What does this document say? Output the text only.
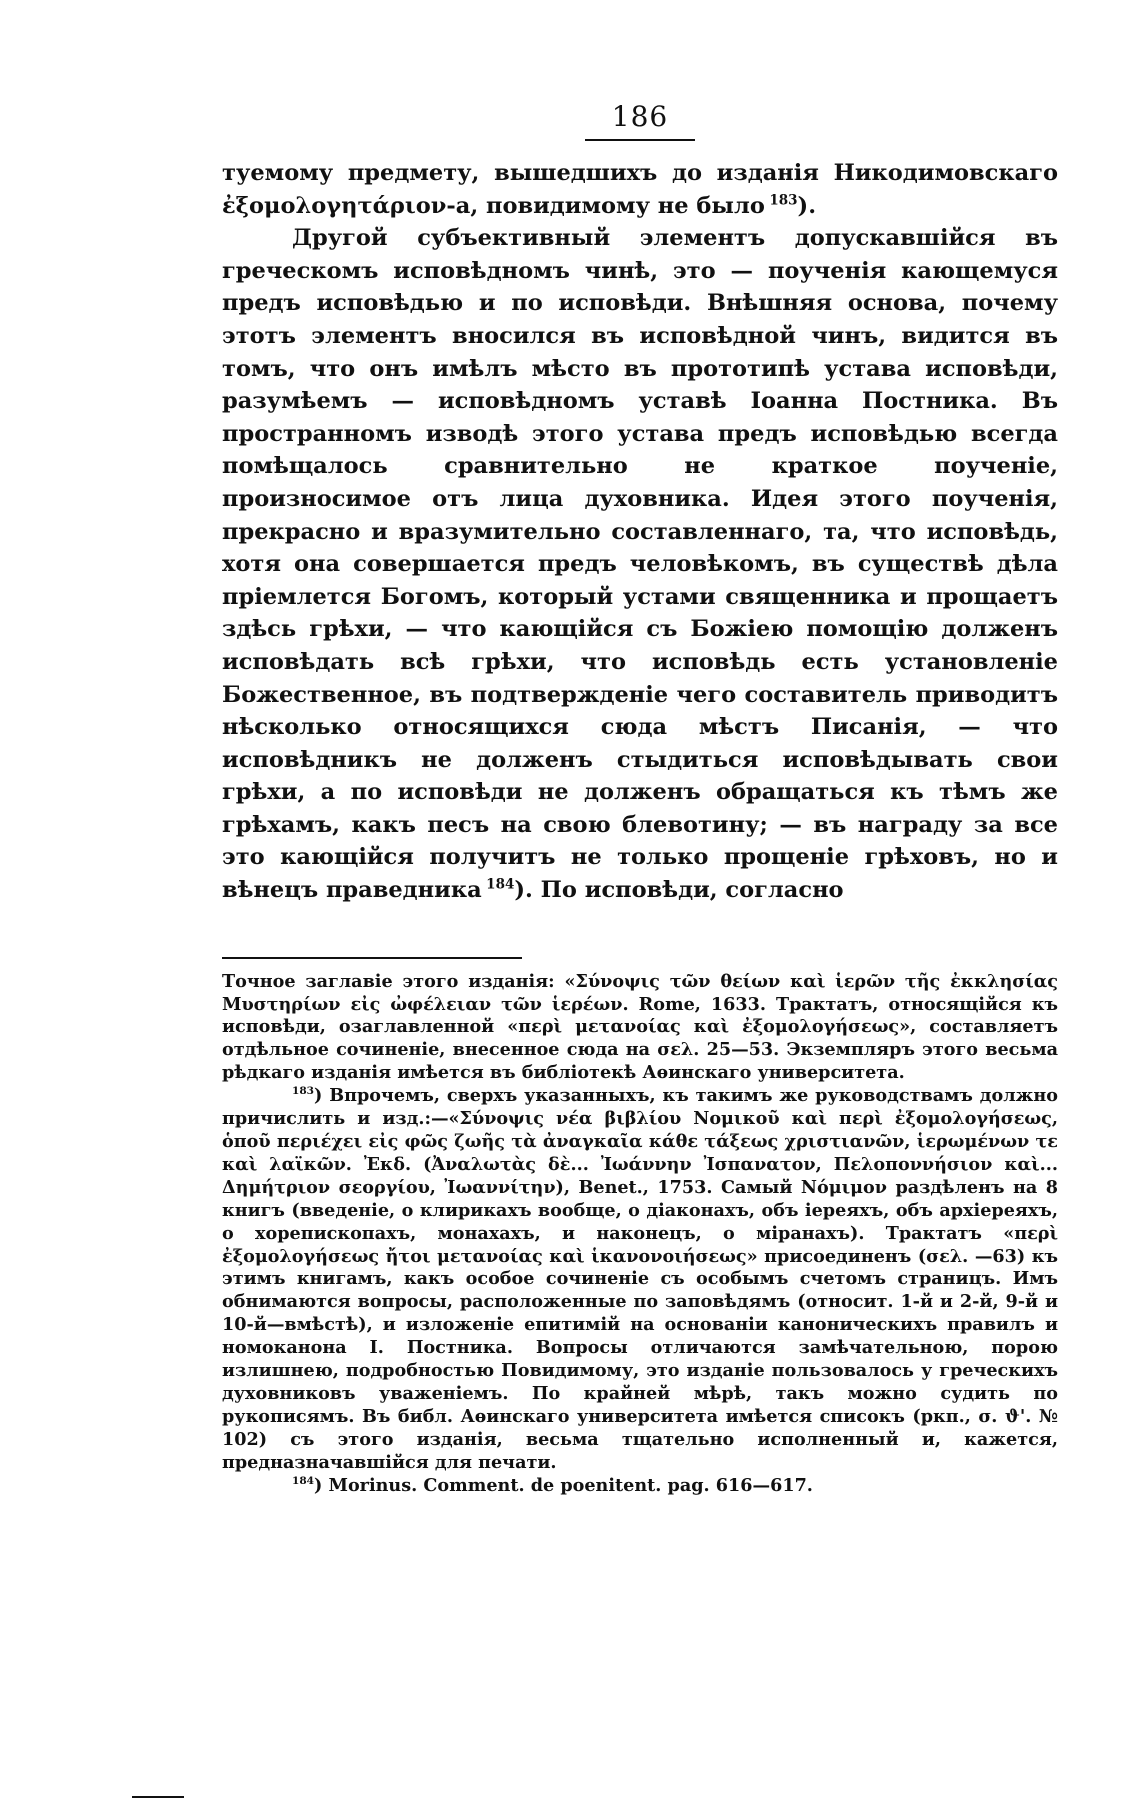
186

туемому предмету, вышедшихъ до изданія Никодимовскаго ἐξομολογητάριον-а, повидимому не было  $^{183}$).

Другой субъективный элементъ допускавшійся въ греческомъ исповѣдномъ чинѣ, это — поученія кающемуся предъ исповѣдью и по исповѣди. Внѣшняя основа, почему этотъ элементъ вносился въ исповѣдной чинъ, видится въ томъ, что онъ имѣлъ мѣсто въ прототипѣ устава исповѣди, разумѣемъ — исповѣдномъ уставѣ Іоанна Постника. Въ пространномъ изводѣ этого устава предъ исповѣдью всегда помѣщалось сравнительно не краткое поученіе, произносимое отъ лица духовника. Идея этого поученія, прекрасно и вразумительно составленнаго, та, что исповѣдь, хотя она совершается предъ человѣкомъ, въ существѣ дѣла пріемлется Богомъ, который устами священника и прощаетъ здѣсь грѣхи, — что кающійся съ Божіею помощію долженъ исповѣдать всѣ грѣхи, что исповѣдь есть установленіе Божественное, въ подтвержденіе чего составитель приводитъ нѣсколько относящихся сюда мѣстъ Писанія, — что исповѣдникъ не долженъ стыдиться исповѣдывать свои грѣхи, а по исповѣди не долженъ обращаться къ тѣмъ же грѣхамъ, какъ песъ на свою блевотину; — въ награду за все это кающійся получитъ не только прощеніе грѣховъ, но и вѣнецъ праведника  $^{184}$). По исповѣди, согласно

Точное заглавіе этого изданія: «Σύνοψις τῶν θείων καὶ ἱερῶν τῆς ἐκκλησίας Μυστηρίων εἰς ὠφέλειαν τῶν ἱερέων. Rome, 1633. Трактатъ, относящійся къ исповѣди, озаглавленной «περὶ μετανοίας καὶ ἐξομολογήσεως», составляетъ отдѣльное сочиненіе, внесенное сюда на σελ. 25—53. Экземпляръ этого весьма рѣдкаго изданія имѣется въ библіотекѣ Аѳинскаго университета.

$^{183}$) Впрочемъ, сверхъ указанныхъ, къ такимъ же руководствамъ должно причислить и изд.:—«Σύνοψις νέα βιβλίου Νομικοῦ καὶ περὶ ἐξομολογήσεως, ὁποῦ περιέχει εἰς φῶς ζωῆς τὰ ἀναγκαῖα κάθε τάξεως χριστιανῶν, ἱερωμένων τε καὶ λαϊκῶν. Ἐκδ. (Ἀναλωτὰς δὲ... Ἰωάννην Ἰσπανατον, Πελοποννήσιον καὶ... Δημήτριον σεοργίου, Ἰωαννίτην), Benet., 1753. Самый Νόμιμον раздѣленъ на 8 книгъ (введеніе, о клирикахъ вообще, о діаконахъ, объ іереяхъ, объ архіереяхъ, о хорепископахъ, монахахъ, и наконецъ, о міранахъ). Трактатъ «περὶ ἐξομολογήσεως ἤτοι μετανοίας καὶ ἱκανονοιήσεως» присоединенъ (σελ. —63) къ этимъ книгамъ, какъ особое сочиненіе съ особымъ счетомъ страницъ. Имъ обнимаются вопросы, расположенные по заповѣдямъ (относит. 1-й и 2-й, 9-й и 10-й—вмѣстѣ), и изложеніе епитимій на основаніи каноническихъ правилъ и номоканона І. Постника. Вопросы отличаются замѣчательною, порою излишнею, подробностью Повидимому, это изданіе пользовалось у греческихъ духовниковъ уваженіемъ. По крайней мѣрѣ, такъ можно судить по рукописямъ. Въ библ. Аѳинскаго университета имѣется списокъ (ркп., σ. ϑ'. № 102) съ этого изданія, весьма тщательно исполненный и, кажется, предназначавшійся для печати.

$^{184}$) Morinus. Comment. de poenitent. pag. 616—617.
